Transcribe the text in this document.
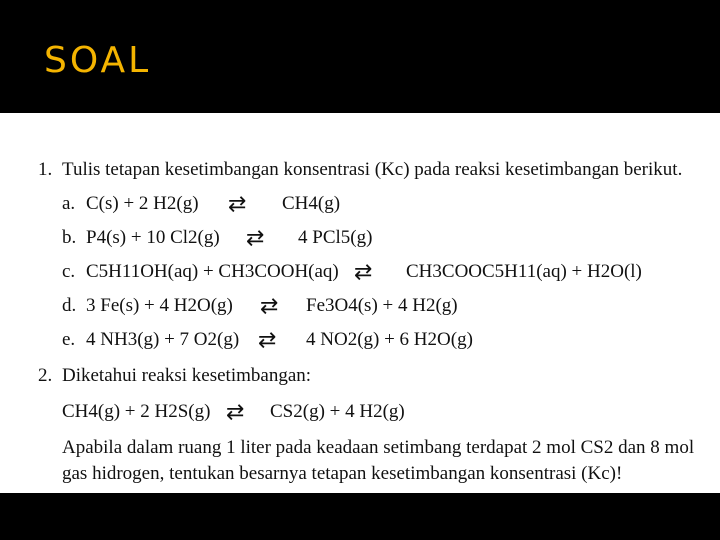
SOAL
1. Tulis tetapan kesetimbangan konsentrasi (Kc) pada reaksi kesetimbangan berikut.
a. C(s) + 2 H2(g)	⇄	CH4(g)
b. P4(s) + 10 Cl2(g)	⇄	4 PCl5(g)
c. C5H11OH(aq) + CH3COOH(aq) ⇄	CH3COOC5H11(aq) + H2O(l)
d. 3 Fe(s) + 4 H2O(g)	⇄	Fe3O4(s) + 4 H2(g)
e. 4 NH3(g) + 7 O2(g) ⇄	4 NO2(g) + 6 H2O(g)
2. Diketahui reaksi kesetimbangan:
CH4(g) + 2 H2S(g) ⇄	CS2(g) + 4 H2(g)
Apabila dalam ruang 1 liter pada keadaan setimbang terdapat 2 mol CS2 dan 8 mol
gas hidrogen, tentukan besarnya tetapan kesetimbangan konsentrasi (Kc)!
